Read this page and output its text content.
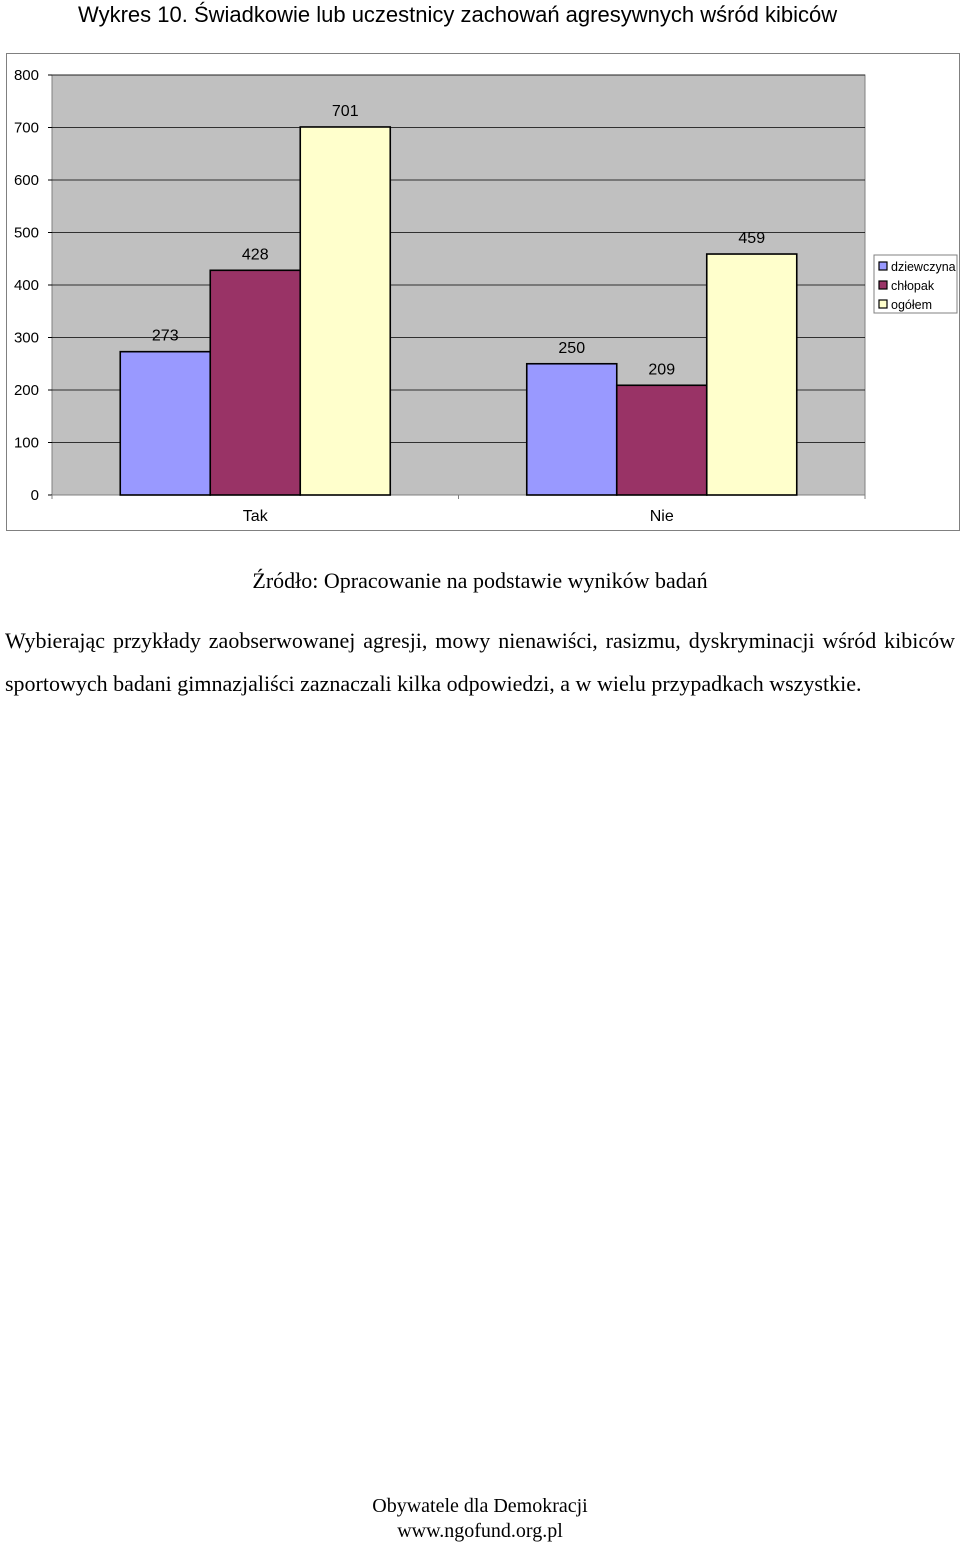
Wykres 10. Świadkowie lub uczestnicy zachowań agresywnych wśród kibiców
0
100
200
300
400
500
600
700
800
273
428
701
Tak
250
209
459
Nie
dziewczyna
chłopak
ogółem
Źródło: Opracowanie na podstawie wyników badań
Wybierając przykłady zaobserwowanej agresji, mowy nienawiści, rasizmu, dyskryminacji wśród kibiców sportowych badani gimnazjaliści zaznaczali kilka odpowiedzi, a w wielu przypadkach wszystkie.
Obywatele dla Demokracji
www.ngofund.org.pl
